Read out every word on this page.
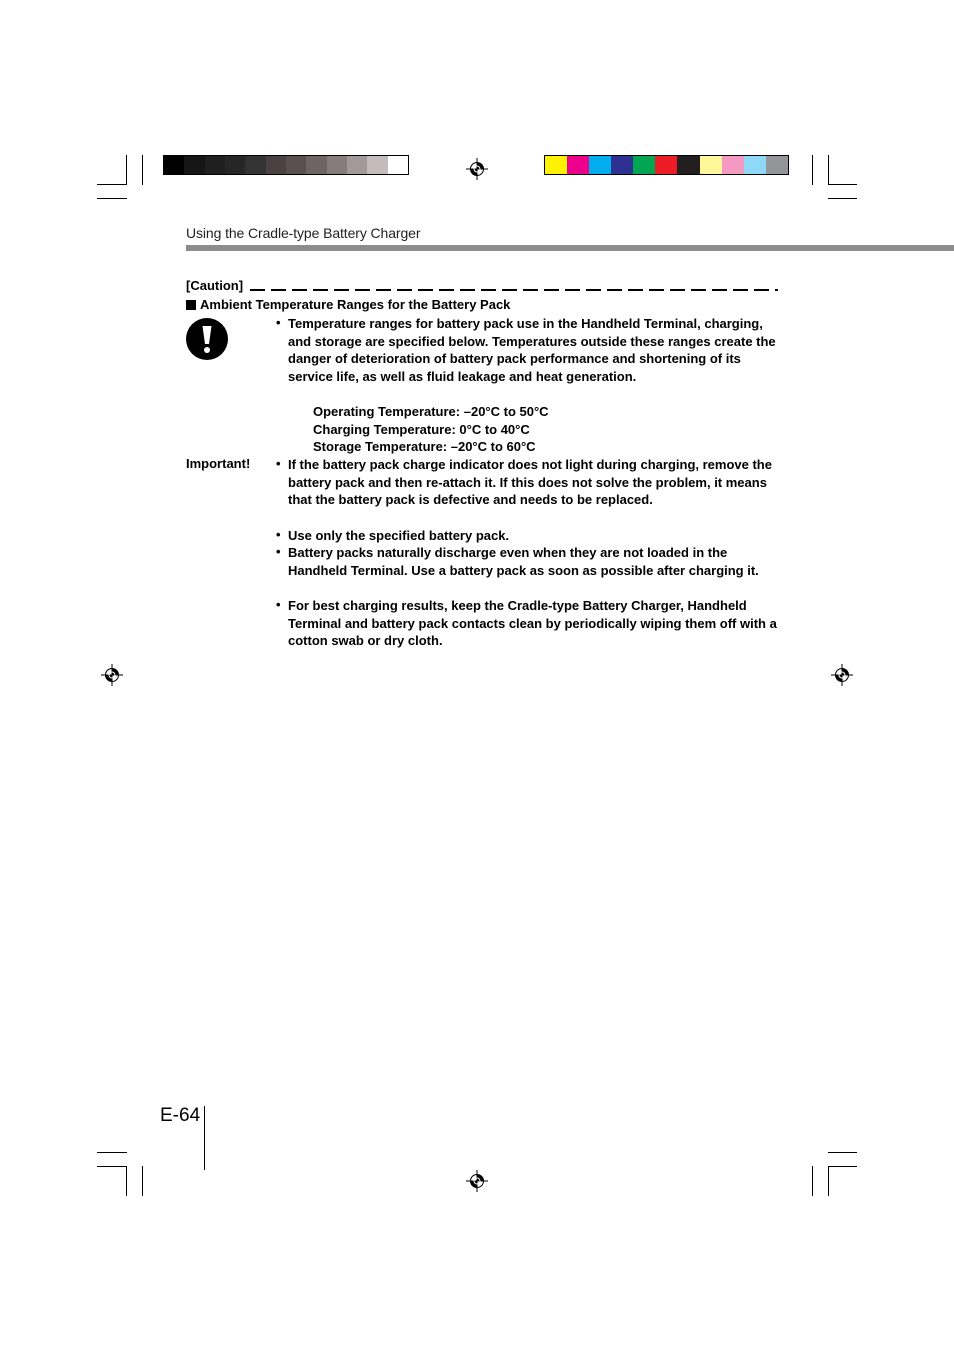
Using the Cradle-type Battery Charger
[Caution]
Ambient Temperature Ranges for the Battery Pack
• Temperature ranges for battery pack use in the Handheld Terminal, charging, and storage are specified below. Temperatures outside these ranges create the danger of deterioration of battery pack performance and shortening of its service life, as well as fluid leakage and heat generation.
Operating Temperature: –20°C to 50°C
Charging Temperature: 0°C to 40°C
Storage Temperature: –20°C to 60°C
Important! • If the battery pack charge indicator does not light during charging, remove the battery pack and then re-attach it. If this does not solve the problem, it means that the battery pack is defective and needs to be replaced.
• Use only the specified battery pack.
• Battery packs naturally discharge even when they are not loaded in the Handheld Terminal. Use a battery pack as soon as possible after charging it.
• For best charging results, keep the Cradle-type Battery Charger, Handheld Terminal and battery pack contacts clean by periodically wiping them off with a cotton swab or dry cloth.
E-64
